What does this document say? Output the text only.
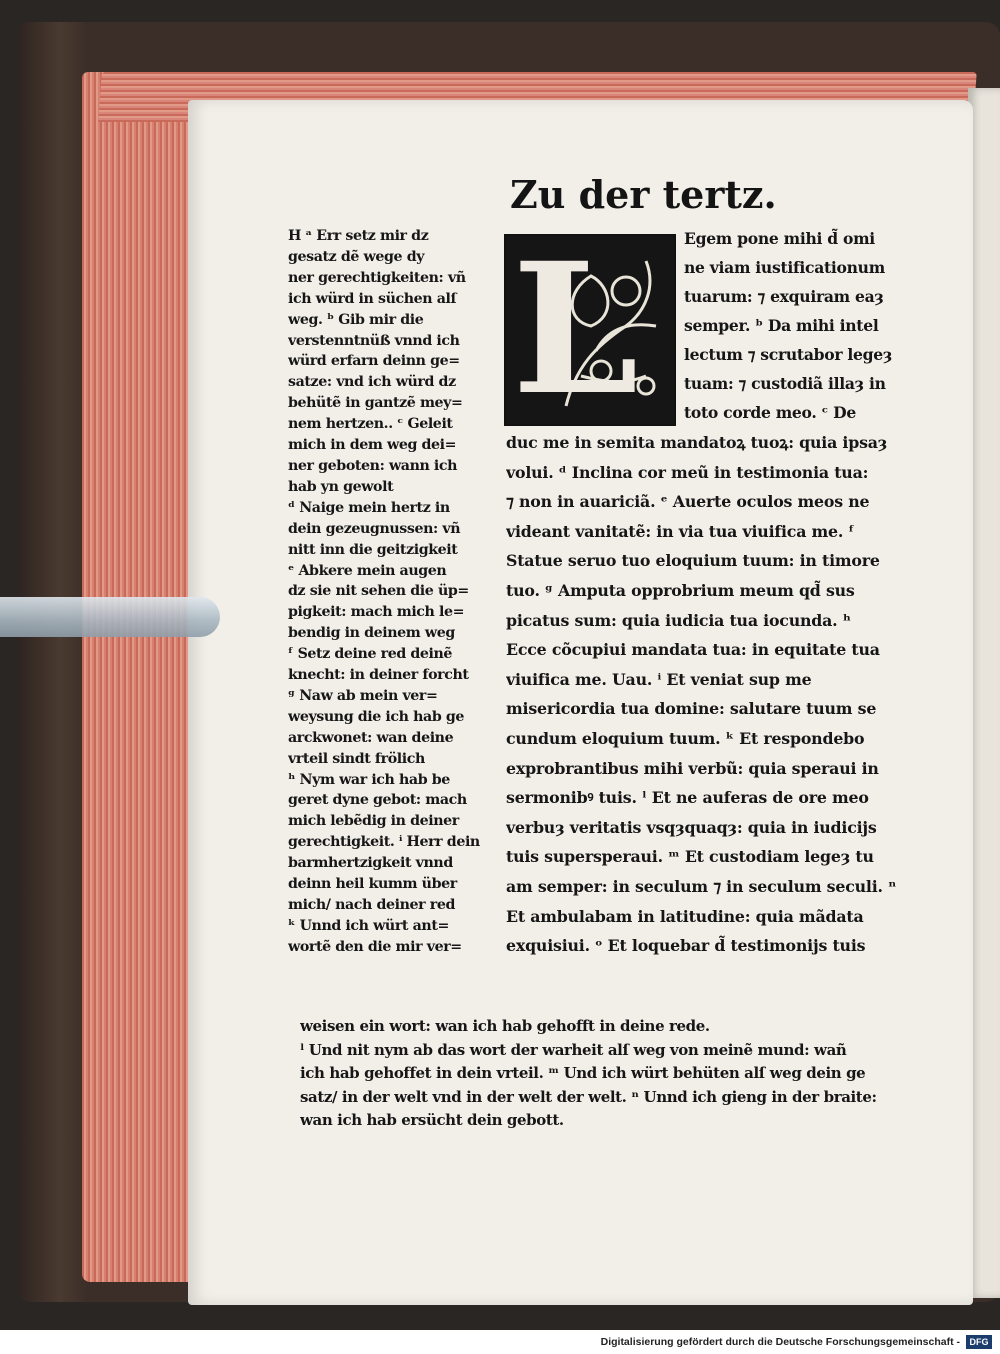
Zu der tertz.
H ᵃ Err setz mir dz
gesatz dẽ wege dy
ner gerechtigkeiten: vñ
ich würd in süchen alſ
weg. ᵇ Gib mir die
verstenntnüß vnnd ich
würd erfarn deinn ge=
satze: vnd ich würd dz
behütẽ in gantzẽ mey=
nem hertzen.. ᶜ Geleit
mich in dem weg dei=
ner geboten: wann ich
hab yn gewolt
ᵈ Naige mein hertz in
dein gezeugnussen: vñ
nitt inn die geitzigkeit
ᵉ Abkere mein augen
dz sie nit sehen die üp=
pigkeit: mach mich le=
bendig in deinem weg
ᶠ Setz deine red deinẽ
knecht: in deiner forcht
ᵍ Naw ab mein ver=
weysung die ich hab ge
arckwonet: wan deine
vrteil sindt frölich
ʰ Nym war ich hab be
geret dyne gebot: mach
mich lebẽdig in deiner
gerechtigkeit. ⁱ Herr dein
barmhertzigkeit vnnd
deinn heil kumm über
mich/ nach deiner red
ᵏ Unnd ich würt ant=
wortẽ den die mir ver=
L	Egem pone mihi d̃ omi
ne viam iustificationum
tuarum: ⁊ exquiram eaȝ
semper. ᵇ Da mihi intel
lectum ⁊ scrutabor legeȝ
tuam: ⁊ custodiã illaȝ in
toto corde meo. ᶜ De
duc me in semita mandatoꝝ tuoꝝ: quia ipsaȝ
volui. ᵈ Inclina cor meũ in testimonia tua:
⁊ non in auariciã. ᵉ Auerte oculos meos ne
videant vanitatẽ: in via tua viuifica me. ᶠ
Statue seruo tuo eloquium tuum: in timore
tuo. ᵍ Amputa opprobrium meum qd̃ sus
picatus sum: quia iudicia tua iocunda. ʰ
Ecce cõcupiui mandata tua: in equitate tua
viuifica me. Uau. ⁱ Et veniat sup me
misericordia tua domine: salutare tuum se
cundum eloquium tuum. ᵏ Et respondebo
exprobrantibus mihi verbũ: quia speraui in
sermonibꝰ tuis. ˡ Et ne auferas de ore meo
verbuȝ veritatis vsqȝquaqȝ: quia in iudicijs
tuis supersperaui. ᵐ Et custodiam legeȝ tu
am semper: in seculum ⁊ in seculum seculi. ⁿ
Et ambulabam in latitudine: quia mãdata
exquisiui. ᵒ Et loquebar d̃ testimonijs tuis
weisen ein wort: wan ich hab gehofft in deine rede.
ˡ Und nit nym ab das wort der warheit alſ weg von meinẽ mund: wañ
ich hab gehoffet in dein vrteil. ᵐ Und ich würt behüten alſ weg dein ge
satz/ in der welt vnd in der welt der welt. ⁿ Unnd ich gieng in der braite:
wan ich hab ersücht dein gebott.
Digitalisierung gefördert durch die Deutsche Forschungsgemeinschaft -	DFG
